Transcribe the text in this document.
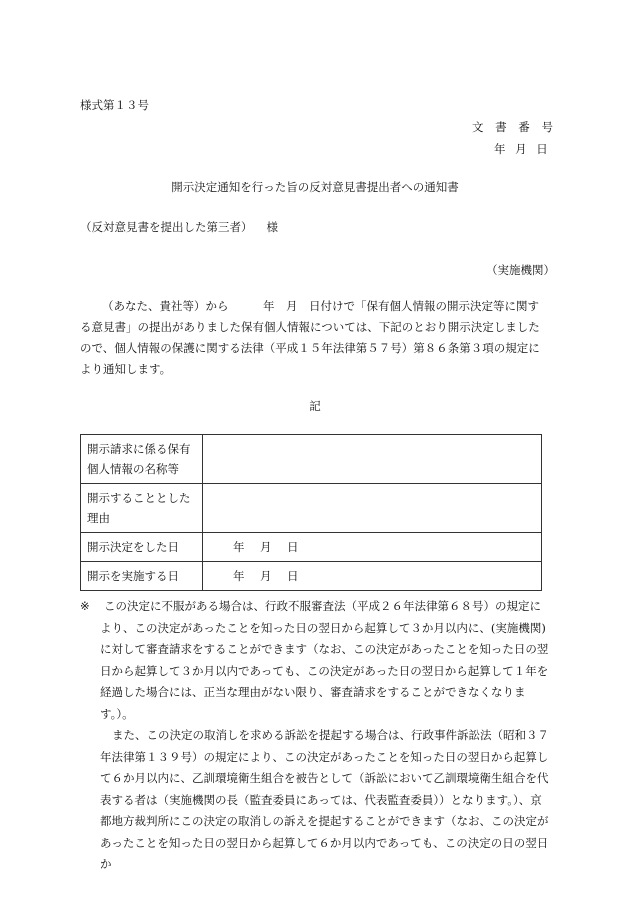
様式第１３号
文 書 番 号
年 月 日
開示決定通知を行った旨の反対意見書提出者への通知書
（反対意見書を提出した第三者） 様
（実施機関）

（あなた、貴社等）から　　　年　月　日付けで「保有個人情報の開示決定等に関する意見書」の提出がありました保有個人情報については、下記のとおり開示決定しましたので、個人情報の保護に関する法律（平成１５年法律第５７号）第８６条第３項の規定により通知します。

記
開示請求に係る保有個人情報の名称等	
開示することとした理由	
開示決定をした日	年　月　日
開示を実施する日	年　月　日
※	この決定に不服がある場合は、行政不服審査法（平成２６年法律第６８号）の規定により、この決定があったことを知った日の翌日から起算して３か月以内に、(実施機関)に対して審査請求をすることができます（なお、この決定があったことを知った日の翌日から起算して３か月以内であっても、この決定があった日の翌日から起算して１年を経過した場合には、正当な理由がない限り、審査請求をすることができなくなります。）。

また、この決定の取消しを求める訴訟を提起する場合は、行政事件訴訟法（昭和３７年法律第１３９号）の規定により、この決定があったことを知った日の翌日から起算して６か月以内に、乙訓環境衛生組合を被告として（訴訟において乙訓環境衛生組合を代表する者は（実施機関の長（監査委員にあっては、代表監査委員））となります。）、京都地方裁判所にこの決定の取消しの訴えを提起することができます（なお、この決定があったことを知った日の翌日から起算して６か月以内であっても、この決定の日の翌日か
